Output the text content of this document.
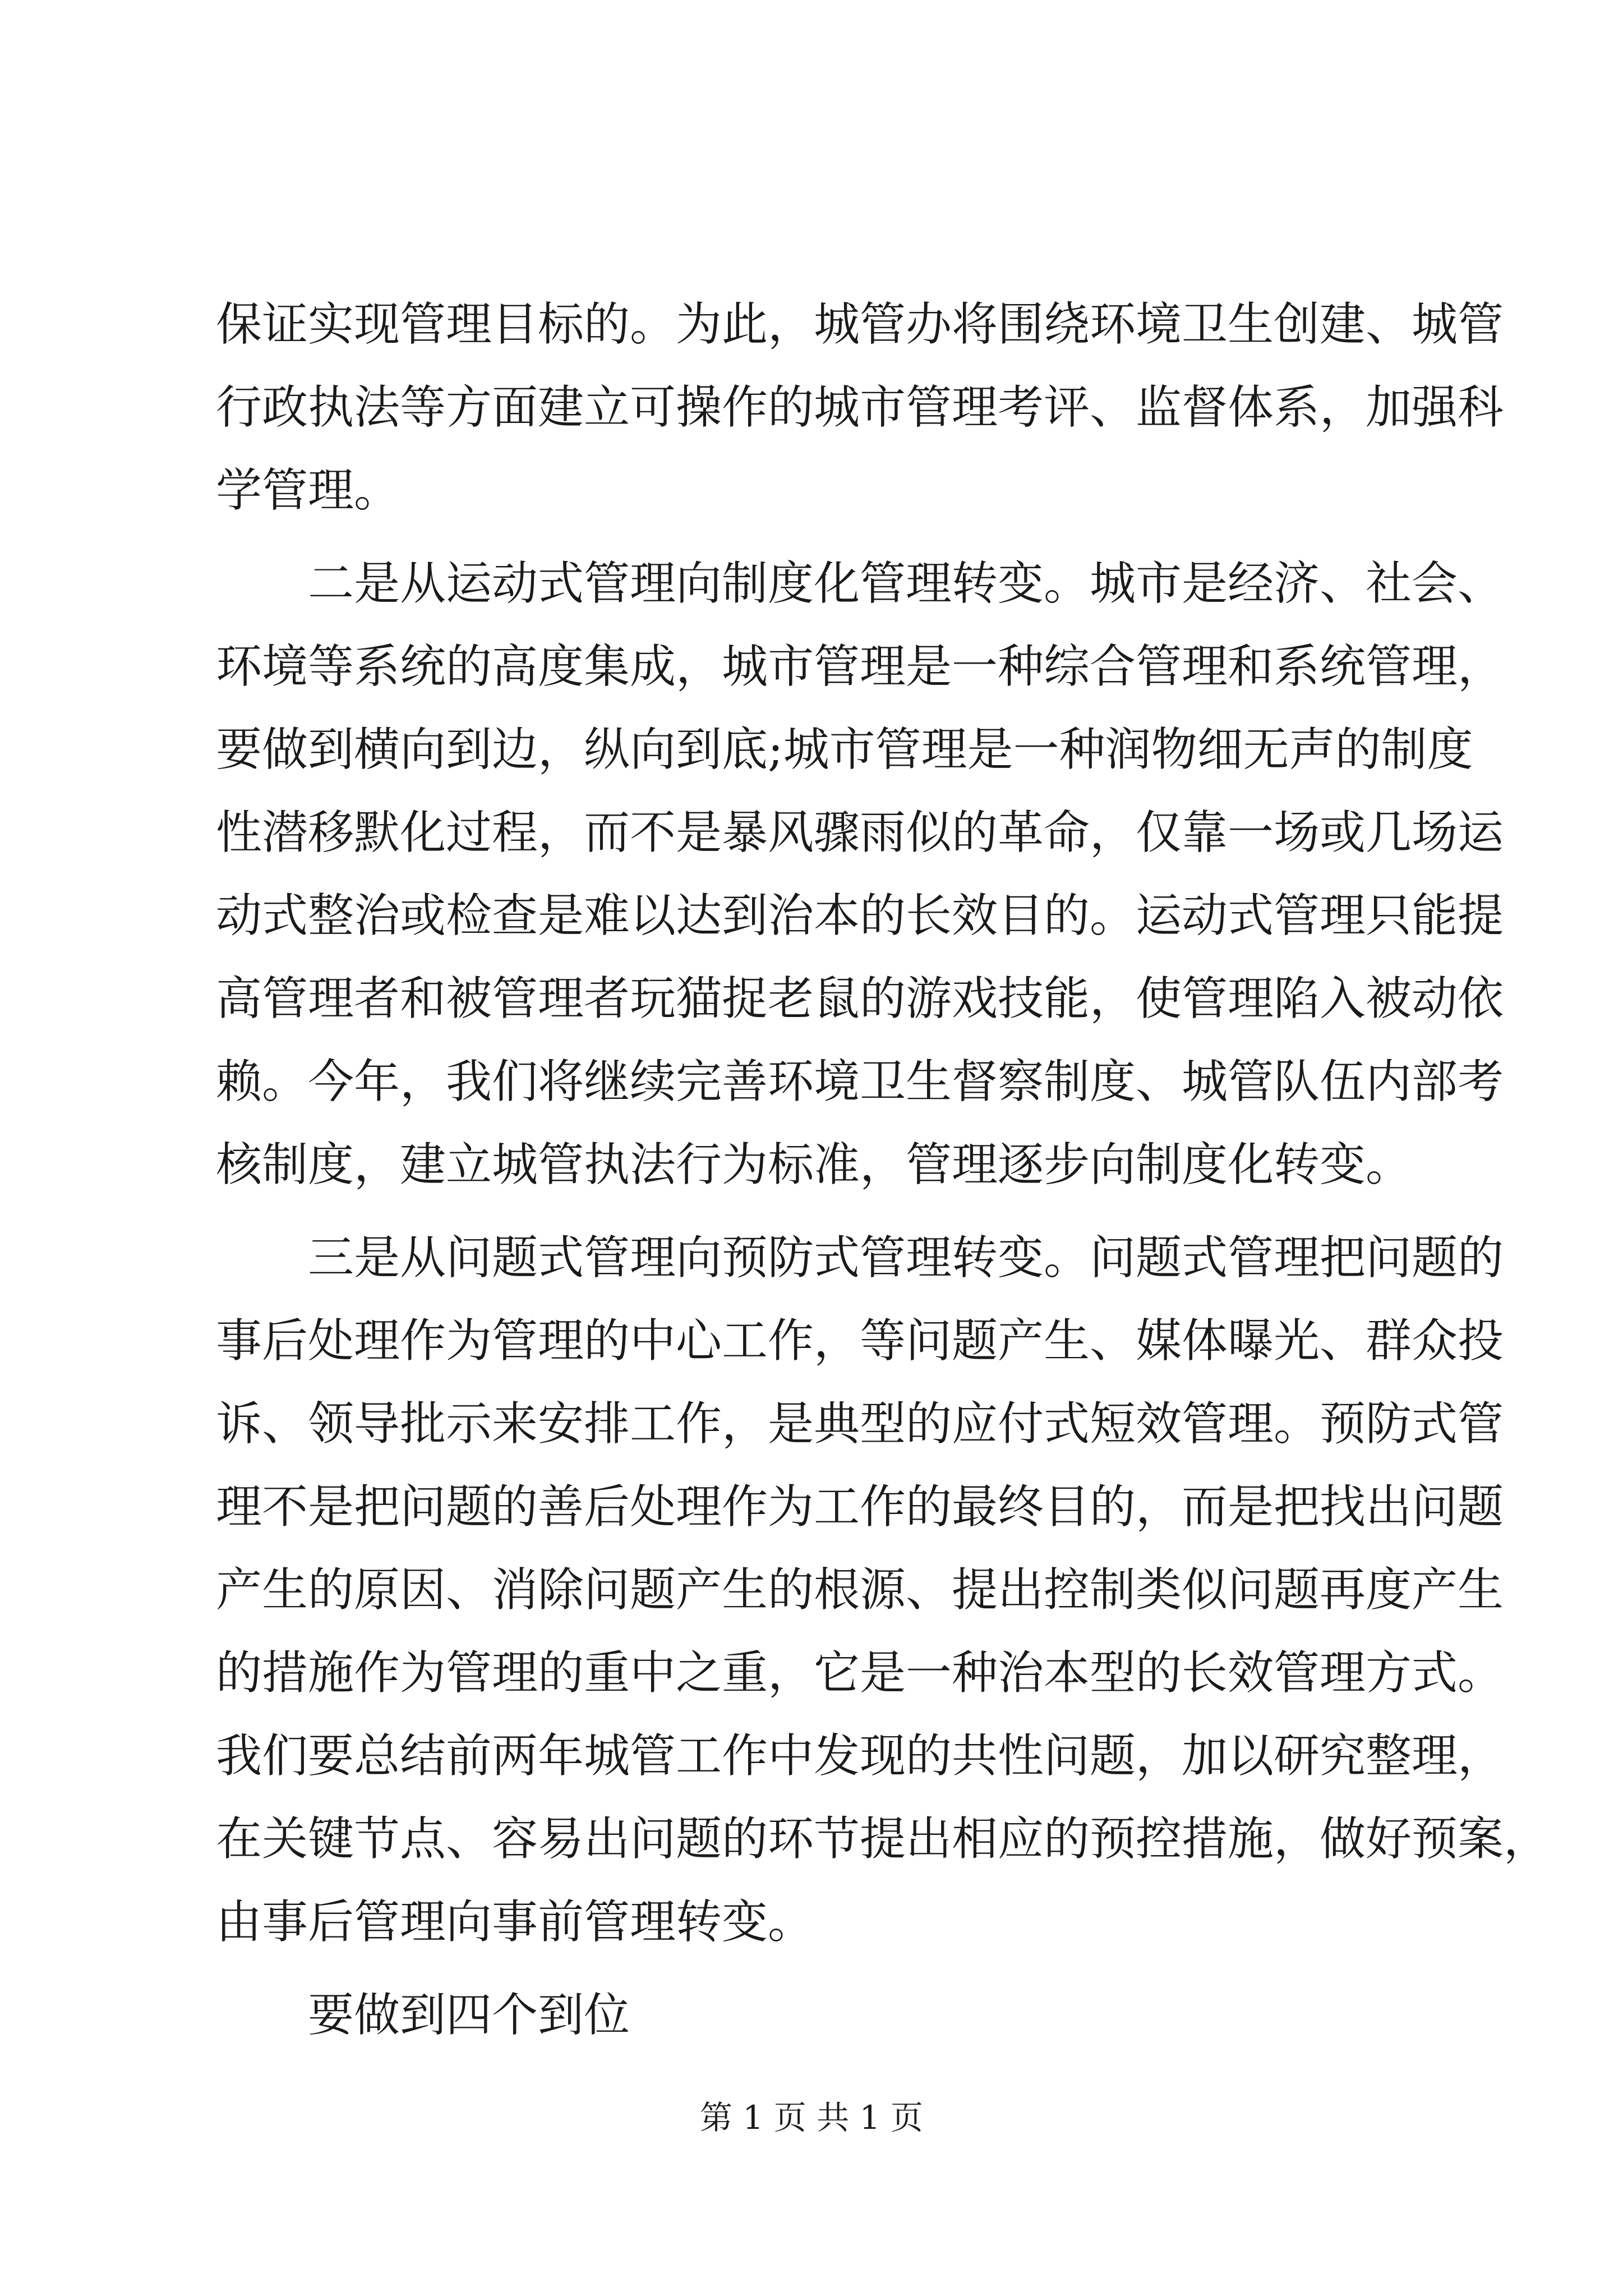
保证实现管理目标的。为此，城管办将围绕环境卫生创建、城管
行政执法等方面建立可操作的城市管理考评、监督体系，加强科
学管理。
二是从运动式管理向制度化管理转变。城市是经济、社会、
环境等系统的高度集成，城市管理是一种综合管理和系统管理，
要做到横向到边，纵向到底;城市管理是一种润物细无声的制度
性潜移默化过程，而不是暴风骤雨似的革命，仅靠一场或几场运
动式整治或检查是难以达到治本的长效目的。运动式管理只能提
高管理者和被管理者玩猫捉老鼠的游戏技能，使管理陷入被动依
赖。今年，我们将继续完善环境卫生督察制度、城管队伍内部考
核制度，建立城管执法行为标准，管理逐步向制度化转变。
三是从问题式管理向预防式管理转变。问题式管理把问题的
事后处理作为管理的中心工作，等问题产生、媒体曝光、群众投
诉、领导批示来安排工作，是典型的应付式短效管理。预防式管
理不是把问题的善后处理作为工作的最终目的，而是把找出问题
产生的原因、消除问题产生的根源、提出控制类似问题再度产生
的措施作为管理的重中之重，它是一种治本型的长效管理方式。
我们要总结前两年城管工作中发现的共性问题，加以研究整理，
在关键节点、容易出问题的环节提出相应的预控措施，做好预案，
由事后管理向事前管理转变。
要做到四个到位
第 1 页 共 1 页
